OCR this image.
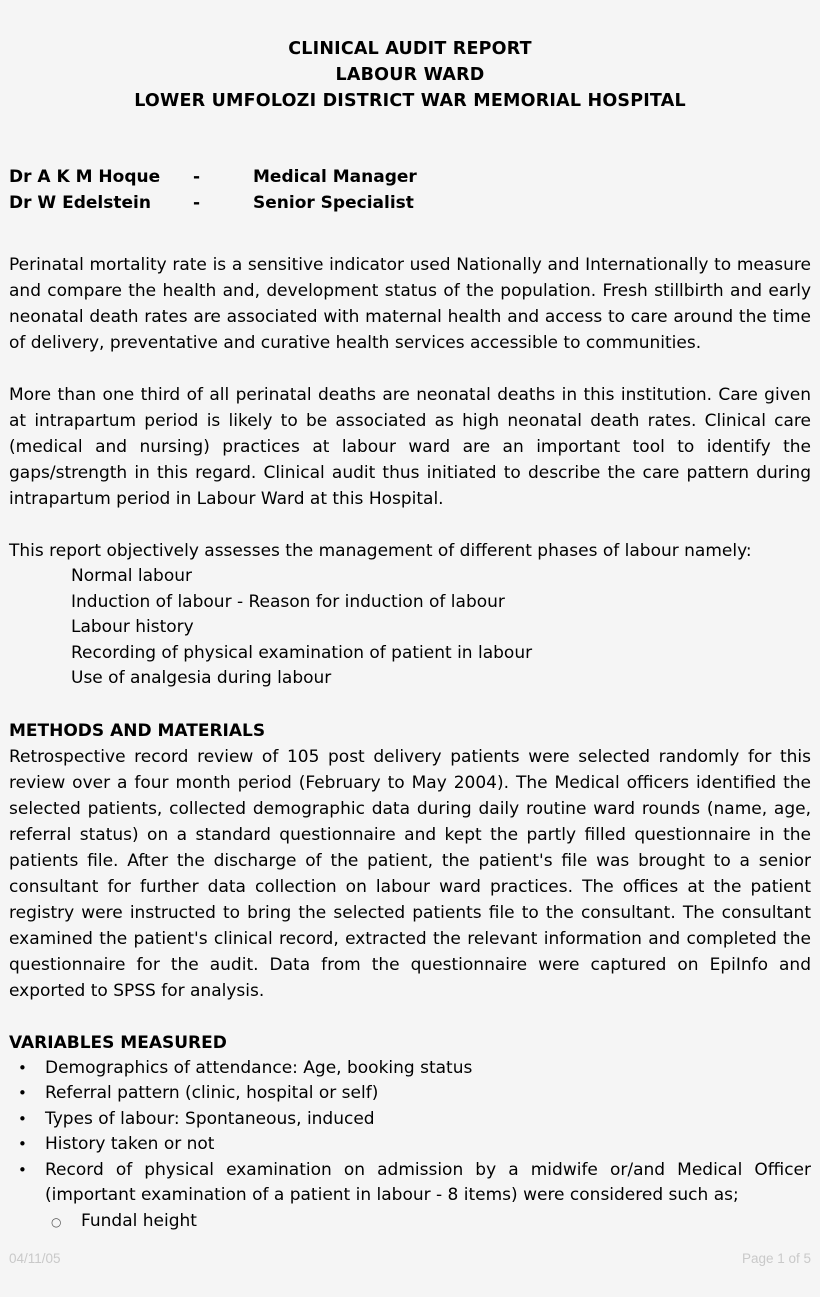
CLINICAL AUDIT REPORT
LABOUR WARD
LOWER UMFOLOZI DISTRICT WAR MEMORIAL HOSPITAL
Dr A K M Hoque -	Medical Manager
Dr W Edelstein -	Senior Specialist

Perinatal mortality rate is a sensitive indicator used Nationally and Internationally to measure and compare the health and, development status of the population. Fresh stillbirth and early neonatal death rates are associated with maternal health and access to care around the time of delivery, preventative and curative health services accessible to communities.

More than one third of all perinatal deaths are neonatal deaths in this institution. Care given at intrapartum period is likely to be associated as high neonatal death rates. Clinical care (medical and nursing) practices at labour ward are an important tool to identify the gaps/strength in this regard. Clinical audit thus initiated to describe the care pattern during intrapartum period in Labour Ward at this Hospital.

This report objectively assesses the management of different phases of labour namely:

Normal labour
Induction of labour - Reason for induction of labour
Labour history
Recording of physical examination of patient in labour
Use of analgesia during labour
METHODS AND MATERIALS

Retrospective record review of 105 post delivery patients were selected randomly for this review over a four month period (February to May 2004). The Medical officers identified the selected patients, collected demographic data during daily routine ward rounds (name, age, referral status) on a standard questionnaire and kept the partly filled questionnaire in the patients file. After the discharge of the patient, the patient's file was brought to a senior consultant for further data collection on labour ward practices. The offices at the patient registry were instructed to bring the selected patients file to the consultant. The consultant examined the patient's clinical record, extracted the relevant information and completed the questionnaire for the audit. Data from the questionnaire were captured on EpiInfo and exported to SPSS for analysis.

VARIABLES MEASURED
• Demographics of attendance: Age, booking status
• Referral pattern (clinic, hospital or self)
• Types of labour: Spontaneous, induced
• History taken or not
• Record of physical examination on admission by a midwife or/and Medical Officer (important examination of a patient in labour - 8 items) were considered such as;
○ Fundal height
04/11/05	Page 1 of 5
